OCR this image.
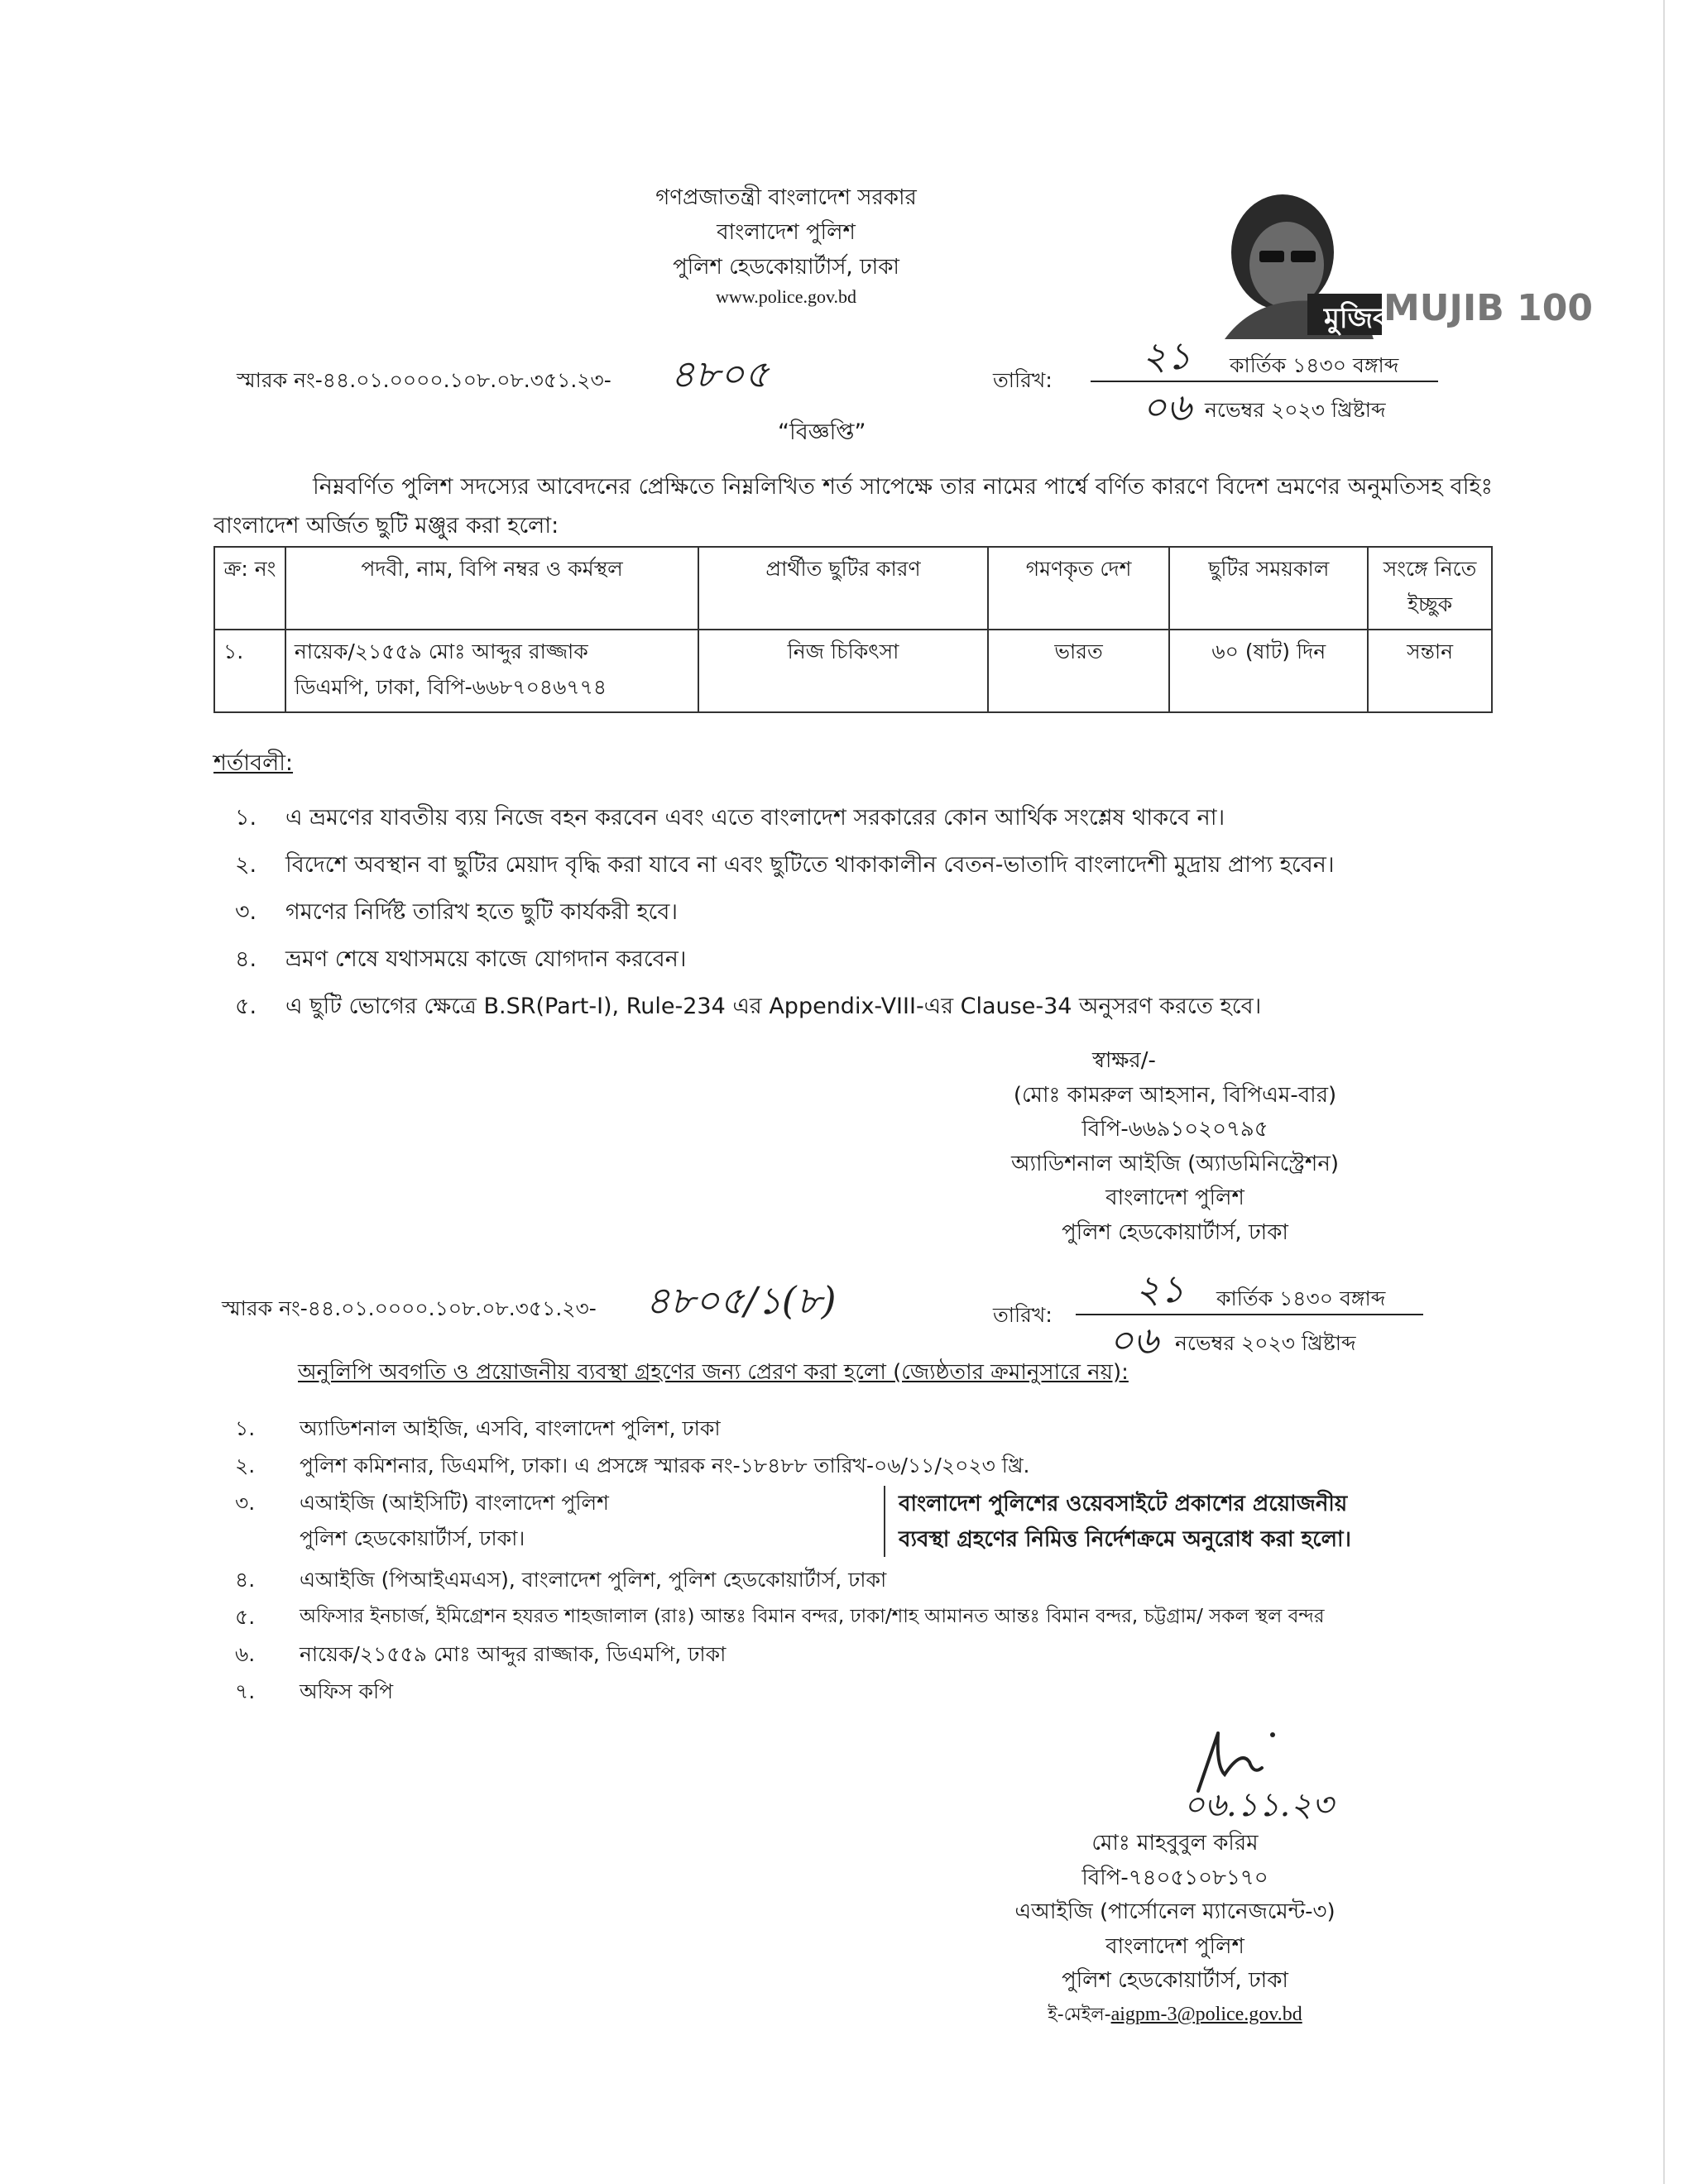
গণপ্রজাতন্ত্রী বাংলাদেশ সরকার
বাংলাদেশ পুলিশ
পুলিশ হেডকোয়ার্টার্স, ঢাকা
www.police.gov.bd
মুজিব
MUJIB 100
স্মারক নং-৪৪.০১.০০০০.১০৮.০৮.৩৫১.২৩- ৪৮০৫	তারিখ:
২১ কার্তিক ১৪৩০ বঙ্গাব্দ
০৬ নভেম্বর ২০২৩ খ্রিষ্টাব্দ
“বিজ্ঞপ্তি”
নিম্নবর্ণিত পুলিশ সদস্যের আবেদনের প্রেক্ষিতে নিম্নলিখিত শর্ত সাপেক্ষে তার নামের পার্শ্বে বর্ণিত কারণে বিদেশ ভ্রমণের অনুমতিসহ বহিঃ বাংলাদেশ অর্জিত ছুটি মঞ্জুর করা হলো:
ক্র: নং	পদবী, নাম, বিপি নম্বর ও কর্মস্থল	প্রার্থীত ছুটির কারণ	গমণকৃত দেশ	ছুটির সময়কাল	সংঙ্গে নিতে ইচ্ছুক
১.	নায়েক/২১৫৫৯ মোঃ আব্দুর রাজ্জাক
ডিএমপি, ঢাকা, বিপি-৬৬৮৭০৪৬৭৭৪	নিজ চিকিৎসা	ভারত	৬০ (ষাট) দিন	সন্তান
শর্তাবলী:
১. এ ভ্রমণের যাবতীয় ব্যয় নিজে বহন করবেন এবং এতে বাংলাদেশ সরকারের কোন আর্থিক সংশ্লেষ থাকবে না।
২. বিদেশে অবস্থান বা ছুটির মেয়াদ বৃদ্ধি করা যাবে না এবং ছুটিতে থাকাকালীন বেতন-ভাতাদি বাংলাদেশী মুদ্রায় প্রাপ্য হবেন।
৩. গমণের নির্দিষ্ট তারিখ হতে ছুটি কার্যকরী হবে।
৪. ভ্রমণ শেষে যথাসময়ে কাজে যোগদান করবেন।
৫. এ ছুটি ভোগের ক্ষেত্রে B.SR(Part-I), Rule-234 এর Appendix-VIII-এর Clause-34 অনুসরণ করতে হবে।
স্বাক্ষর/-
(মোঃ কামরুল আহসান, বিপিএম-বার)
বিপি-৬৬৯১০২০৭৯৫
অ্যাডিশনাল আইজি (অ্যাডমিনিস্ট্রেশন)
বাংলাদেশ পুলিশ
পুলিশ হেডকোয়ার্টার্স, ঢাকা
স্মারক নং-৪৪.০১.০০০০.১০৮.০৮.৩৫১.২৩- ৪৮০৫/১(৮)	তারিখ:
২১ কার্তিক ১৪৩০ বঙ্গাব্দ
০৬ নভেম্বর ২০২৩ খ্রিষ্টাব্দ
অনুলিপি অবগতি ও প্রয়োজনীয় ব্যবস্থা গ্রহণের জন্য প্রেরণ করা হলো (জ্যেষ্ঠতার ক্রমানুসারে নয়):
১. অ্যাডিশনাল আইজি, এসবি, বাংলাদেশ পুলিশ, ঢাকা
২. পুলিশ কমিশনার, ডিএমপি, ঢাকা। এ প্রসঙ্গে স্মারক নং-১৮৪৮৮ তারিখ-০৬/১১/২০২৩ খ্রি.
৩. এআইজি (আইসিটি) বাংলাদেশ পুলিশ
পুলিশ হেডকোয়ার্টার্স, ঢাকা।
বাংলাদেশ পুলিশের ওয়েবসাইটে প্রকাশের প্রয়োজনীয়
ব্যবস্থা গ্রহণের নিমিত্ত নির্দেশক্রমে অনুরোধ করা হলো।
৪. এআইজি (পিআইএমএস), বাংলাদেশ পুলিশ, পুলিশ হেডকোয়ার্টার্স, ঢাকা
৫. অফিসার ইনচার্জ, ইমিগ্রেশন হযরত শাহজালাল (রাঃ) আন্তঃ বিমান বন্দর, ঢাকা/শাহ আমানত আন্তঃ বিমান বন্দর, চট্টগ্রাম/ সকল স্থল বন্দর
৬. নায়েক/২১৫৫৯ মোঃ আব্দুর রাজ্জাক, ডিএমপি, ঢাকা
৭. অফিস কপি
০৬.১১.২৩
মোঃ মাহবুবুল করিম
বিপি-৭৪০৫১০৮১৭০
এআইজি (পার্সোনেল ম্যানেজমেন্ট-৩)
বাংলাদেশ পুলিশ
পুলিশ হেডকোয়ার্টার্স, ঢাকা
ই-মেইল-aigpm-3@police.gov.bd
